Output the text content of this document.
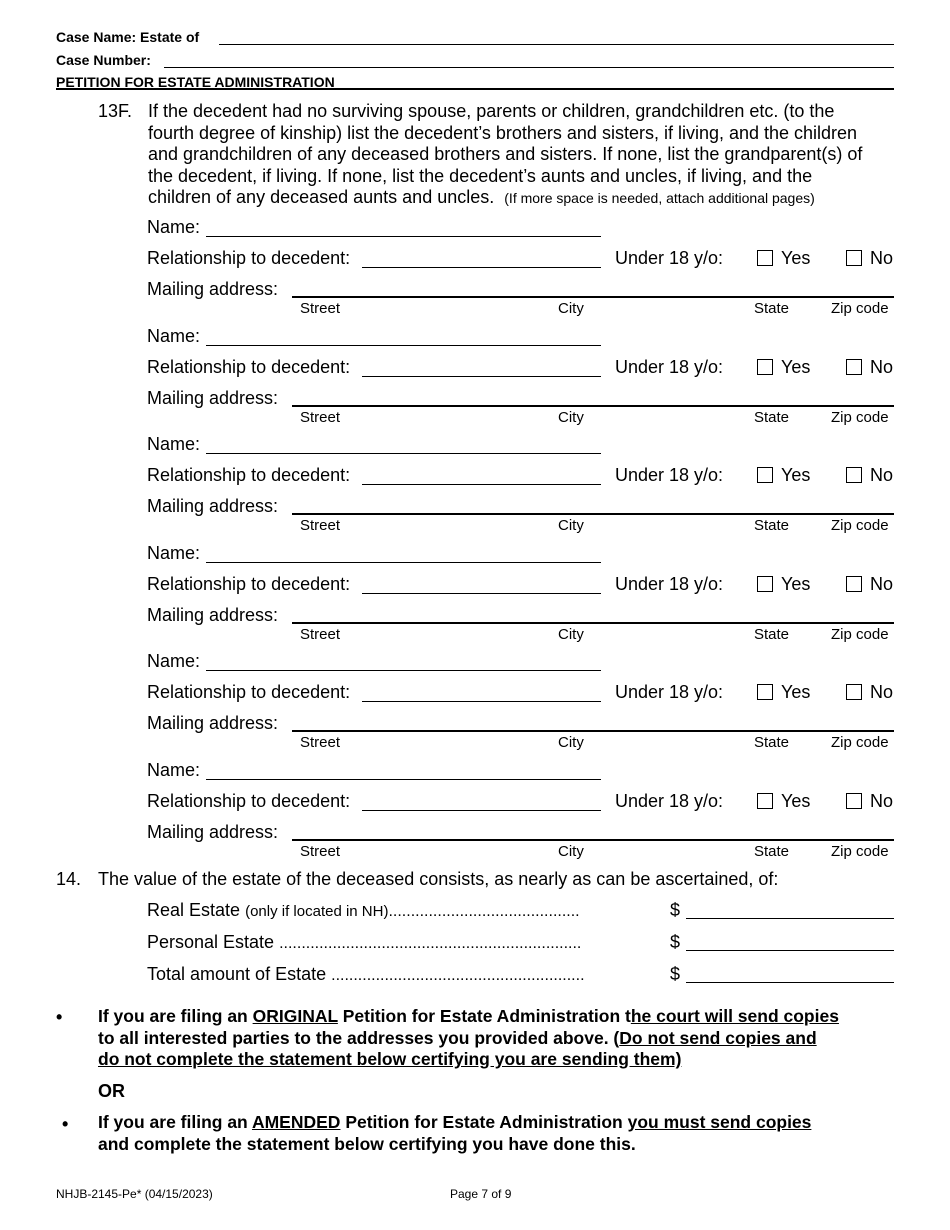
Case Name: Estate of
Case Number:
PETITION FOR ESTATE ADMINISTRATION
13F. If the decedent had no surviving spouse, parents or children, grandchildren etc. (to the
fourth degree of kinship) list the decedent’s brothers and sisters, if living, and the children
and grandchildren of any deceased brothers and sisters. If none, list the grandparent(s) of
the decedent, if living. If none, list the decedent’s aunts and uncles, if living, and the
children of any deceased aunts and uncles. (If more space is needed, attach additional pages)
Name:
Relationship to decedent:	Under 18 y/o:	Yes	No
Mailing address:
Street	City	State	Zip code
Name:
Relationship to decedent:	Under 18 y/o:	Yes	No
Mailing address:
Street	City	State	Zip code
Name:
Relationship to decedent:	Under 18 y/o:	Yes	No
Mailing address:
Street	City	State	Zip code
Name:
Relationship to decedent:	Under 18 y/o:	Yes	No
Mailing address:
Street	City	State	Zip code
Name:
Relationship to decedent:	Under 18 y/o:	Yes	No
Mailing address:
Street	City	State	Zip code
Name:
Relationship to decedent:	Under 18 y/o:	Yes	No
Mailing address:
Street	City	State	Zip code
14. The value of the estate of the deceased consists, as nearly as can be ascertained, of:
Real Estate (only if located in NH)...........................................	$
Personal Estate ....................................................................	$
Total amount of Estate .........................................................	$
• If you are filing an ORIGINAL Petition for Estate Administration the court will send copies
to all interested parties to the addresses you provided above. (Do not send copies and
do not complete the statement below certifying you are sending them)
OR
• If you are filing an AMENDED Petition for Estate Administration you must send copies
and complete the statement below certifying you have done this.
NHJB-2145-Pe* (04/15/2023)	Page 7 of 9
